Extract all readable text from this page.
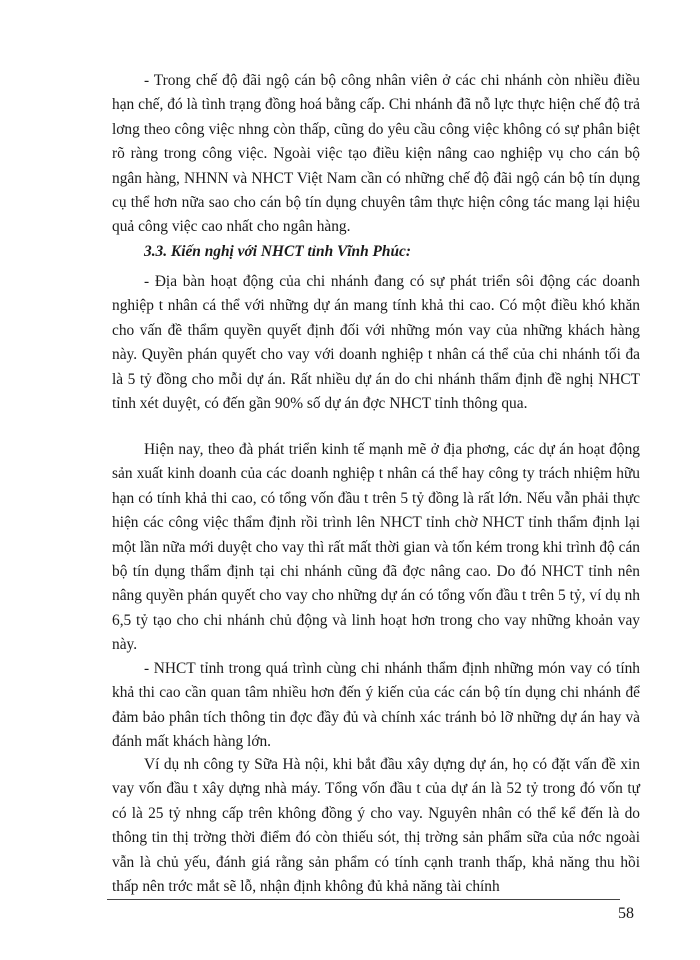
- Trong chế độ đãi ngộ cán bộ công nhân viên ở các chi nhánh còn nhiều điều hạn chế, đó là tình trạng đồng hoá bằng cấp. Chi nhánh đã nỗ lực thực hiện chế độ trả lơng theo công việc nhng còn thấp, cũng do yêu cầu công việc không có sự phân biệt rõ ràng trong công việc. Ngoài việc tạo điều kiện nâng cao nghiệp vụ cho cán bộ ngân hàng, NHNN và NHCT Việt Nam cần có những chế độ đãi ngộ cán bộ tín dụng cụ thể hơn nữa sao cho cán bộ tín dụng chuyên tâm thực hiện công tác mang lại hiệu quả công việc cao nhất cho ngân hàng.

3.3. Kiến nghị với NHCT tỉnh Vĩnh Phúc:

- Địa bàn hoạt động của chi nhánh đang có sự phát triển sôi động các doanh nghiệp t nhân cá thể với những dự án mang tính khả thi cao. Có một điều khó khăn cho vấn đề thẩm quyền quyết định đối với những món vay của những khách hàng này. Quyền phán quyết cho vay với doanh nghiệp t nhân cá thể của chi nhánh tối đa là 5 tỷ đồng cho mỗi dự án. Rất nhiều dự án do chi nhánh thẩm định đề nghị NHCT tỉnh xét duyệt, có đến gần 90% số dự án đợc NHCT tỉnh thông qua.

Hiện nay, theo đà phát triển kinh tế mạnh mẽ ở địa phơng, các dự án hoạt động sản xuất kinh doanh của các doanh nghiệp t nhân cá thể hay công ty trách nhiệm hữu hạn có tính khả thi cao, có tổng vốn đầu t trên 5 tỷ đồng là rất lớn. Nếu vẫn phải thực hiện các công việc thẩm định rồi trình lên NHCT tỉnh chờ NHCT tỉnh thẩm định lại một lần nữa mới duyệt cho vay thì rất mất thời gian và tốn kém trong khi trình độ cán bộ tín dụng thẩm định tại chi nhánh cũng đã đợc nâng cao. Do đó NHCT tỉnh nên nâng quyền phán quyết cho vay cho những dự án có tổng vốn đầu t trên 5 tỷ, ví dụ nh 6,5 tỷ tạo cho chi nhánh chủ động và linh hoạt hơn trong cho vay những khoản vay này.

- NHCT tỉnh trong quá trình cùng chi nhánh thẩm định những món vay có tính khả thi cao cần quan tâm nhiều hơn đến ý kiến của các cán bộ tín dụng chi nhánh để đảm bảo phân tích thông tin đợc đầy đủ và chính xác tránh bỏ lỡ những dự án hay và đánh mất khách hàng lớn.

Ví dụ nh công ty Sữa Hà nội, khi bắt đầu xây dựng dự án, họ có đặt vấn đề xin vay vốn đầu t xây dựng nhà máy. Tổng vốn đầu t của dự án là 52 tỷ trong đó vốn tự có là 25 tỷ nhng cấp trên không đồng ý cho vay. Nguyên nhân có thể kể đến là do thông tin thị trờng thời điểm đó còn thiếu sót, thị trờng sản phẩm sữa của nớc ngoài vẫn là chủ yếu, đánh giá rằng sản phẩm có tính cạnh tranh thấp, khả năng thu hồi thấp nên trớc mắt sẽ lỗ, nhận định không đủ khả năng tài chính

58
